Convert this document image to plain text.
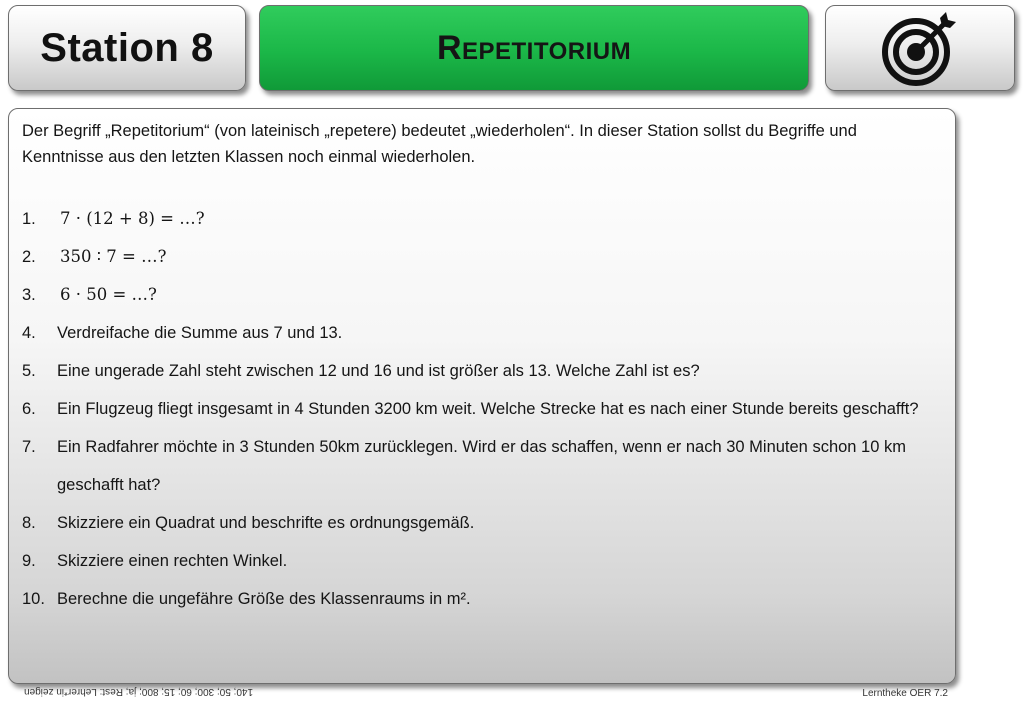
Station 8	Repetitorium

Der Begriff „Repetitorium“ (von lateinisch „repetere) bedeutet „wiederholen“. In dieser Station sollst du Begriffe und Kenntnisse aus den letzten Klassen noch einmal wiederholen.

1. 7 · (12 + 8) = …?
2. 350 ∶ 7 = …?
3. 6 · 50 = …?
4. Verdreifache die Summe aus 7 und 13.
5. Eine ungerade Zahl steht zwischen 12 und 16 und ist größer als 13. Welche Zahl ist es?
6. Ein Flugzeug fliegt insgesamt in 4 Stunden 3200 km weit. Welche Strecke hat es nach einer Stunde bereits geschafft?
7. Ein Radfahrer möchte in 3 Stunden 50km zurücklegen. Wird er das schaffen, wenn er nach 30 Minuten schon 10 km geschafft hat?
8. Skizziere ein Quadrat und beschrifte es ordnungsgemäß.
9. Skizziere einen rechten Winkel.
10. Berechne die ungefähre Größe des Klassenraums in m².
140; 50; 300; 60; 15; 800; ja; Rest: Lehrer*in zeigen	Lerntheke OER 7.2
